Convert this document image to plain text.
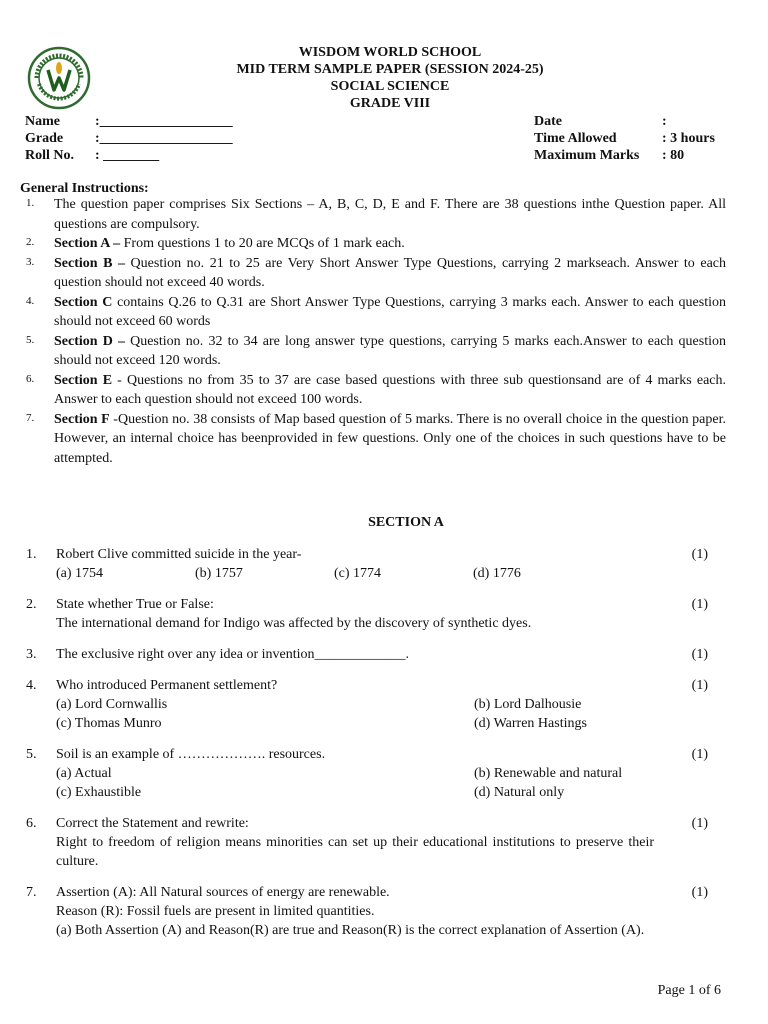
WISDOM WORLD SCHOOL
MID TERM SAMPLE PAPER (SESSION 2024-25)
SOCIAL SCIENCE
GRADE VIII
Name	:___________________
Grade	:___________________
Roll No.	: ________
Date	:
Time Allowed	: 3 hours
Maximum Marks	: 80
General Instructions:
1.	The question paper comprises Six Sections – A, B, C, D, E and F. There are 38 questions inthe Question paper. All questions are compulsory.
2.	Section A – From questions 1 to 20 are MCQs of 1 mark each.
3.	Section B – Question no. 21 to 25 are Very Short Answer Type Questions, carrying 2 markseach. Answer to each question should not exceed 40 words.
4.	Section C contains Q.26 to Q.31 are Short Answer Type Questions, carrying 3 marks each. Answer to each question should not exceed 60 words
5.	Section D – Question no. 32 to 34 are long answer type questions, carrying 5 marks each.Answer to each question should not exceed 120 words.
6.	Section E - Questions no from 35 to 37 are case based questions with three sub questionsand are of 4 marks each. Answer to each question should not exceed 100 words.
7.	Section F -Question no. 38 consists of Map based question of 5 marks. There is no overall choice in the question paper. However, an internal choice has beenprovided in few questions. Only one of the choices in such questions have to be attempted.
SECTION A
1.	Robert Clive committed suicide in the year-
(a) 1754	(b) 1757	(c) 1774	(d) 1776
(1)
2.	State whether True or False:
The international demand for Indigo was affected by the discovery of synthetic dyes.
(1)
3.	The exclusive right over any idea or invention_____________.	(1)
4.	Who introduced Permanent settlement?
(a) Lord Cornwallis	(b) Lord Dalhousie
(c) Thomas Munro	(d) Warren Hastings
(1)
5.	Soil is an example of ………………. resources.
(a) Actual	(b) Renewable and natural
(c) Exhaustible	(d) Natural only
(1)
6.	Correct the Statement and rewrite:
Right to freedom of religion means minorities can set up their educational institutions to preserve their culture.
(1)
7.	Assertion (A): All Natural sources of energy are renewable.
Reason (R): Fossil fuels are present in limited quantities.
(a) Both Assertion (A) and Reason(R) are true and Reason(R) is the correct explanation of Assertion (A).
(1)
Page 1 of 6
